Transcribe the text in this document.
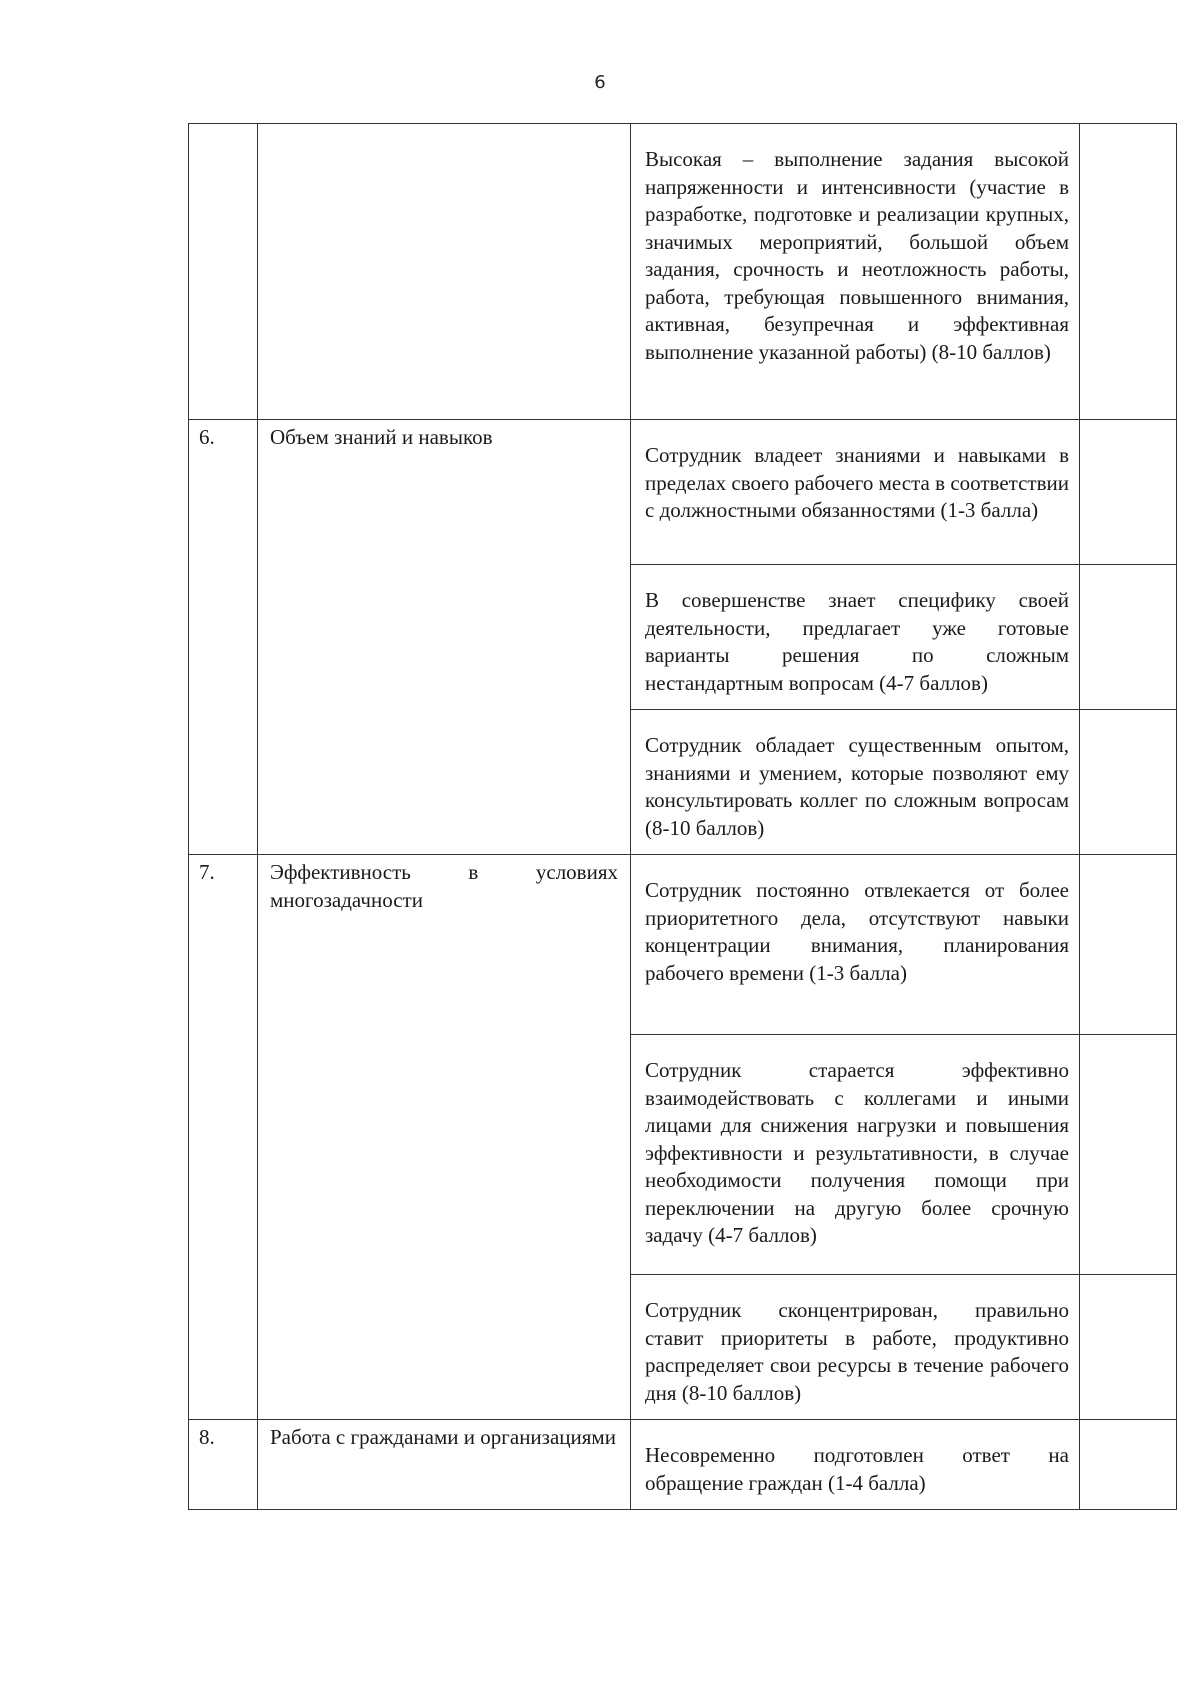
6

		Высокая – выполнение задания высокой напряженности и интенсивности (участие в разработке, подготовке и реализации крупных, значимых мероприятий, большой объем задания, срочность и неотложность работы, работа, требующая повышенного внимания, активная, безупречная и эффективная выполнение указанной работы) (8-10 баллов)	

6.	Объем знаний и навыков	Сотрудник владеет знаниями и навыками в пределах своего рабочего места в соответствии с должностными обязанностями (1-3 балла)	

		В совершенстве знает специфику своей деятельности, предлагает уже готовые варианты решения по сложным нестандартным вопросам (4-7 баллов)	

		Сотрудник обладает существенным опытом, знаниями и умением, которые позволяют ему консультировать коллег по сложным вопросам (8-10 баллов)	

7.	Эффективность в условиях многозадачности	Сотрудник постоянно отвлекается от более приоритетного дела, отсутствуют навыки концентрации внимания, планирования рабочего времени (1-3 балла)	

		Сотрудник старается эффективно взаимодействовать с коллегами и иными лицами для снижения нагрузки и повышения эффективности и результативности, в случае необходимости получения помощи при переключении на другую более срочную задачу (4-7 баллов)	

		Сотрудник сконцентрирован, правильно ставит приоритеты в работе, продуктивно распределяет свои ресурсы в течение рабочего дня (8-10 баллов)	

8.	Работа с гражданами и организациями	Несовременно подготовлен ответ на обращение граждан (1-4 балла)	
